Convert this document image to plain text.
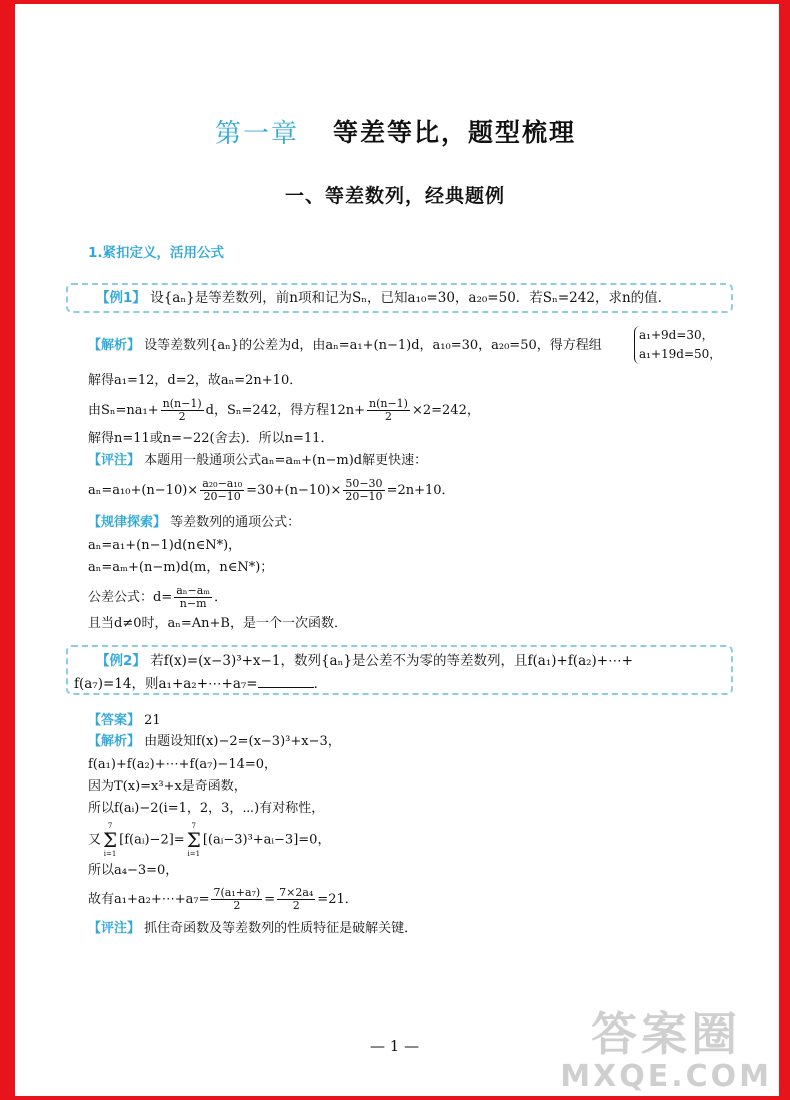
第一章 等差等比，题型梳理
一、等差数列，经典题例
1.紧扣定义，活用公式
【例1】 设{aₙ}是等差数列，前n项和记为Sₙ，已知a₁₀=30，a₂₀=50．若Sₙ=242，求n的值．
【解析】 设等差数列{aₙ}的公差为d，由aₙ=a₁+(n−1)d，a₁₀=30，a₂₀=50，得方程组
a₁+9d=30，
a₁+19d=50，
解得a₁=12，d=2，故aₙ=2n+10．
由$S_n=na_1+ \frac{n(n-1)}{2}$ d，Sₙ=242，得方程$12n+ \frac{n(n-1)}{2} \times 2=242$，
解得n=11或n=−22(舍去)．所以n=11．
【评注】 本题用一般通项公式aₙ=aₘ+(n−m)d解更快速：
$a_n=a_{10}+(n-10)\times \frac{\text{a₂₀−a₁₀}}{20-10} =30+(n-10)\times \frac{50-30}{20-10} =2n+10$．
【规律探索】 等差数列的通项公式：
aₙ=a₁+(n−1)d(n∈N*)，
aₙ=aₘ+(n−m)d(m，n∈N*)；
公差公式：$d= \frac{\text{aₙ−aₘ}}{n-m}$ ．
且当d≠0时，aₙ=An+B，是一个一次函数．
【例2】 若f(x)=(x−3)³+x−1，数列{aₙ}是公差不为零的等差数列，且f(a₁)+f(a₂)+⋯+
f(a₇)=14，则a₁+a₂+⋯+a₇=	．
【答案】 21
【解析】 由题设知f(x)−2=(x−3)³+x−3，
f(a₁)+f(a₂)+⋯+f(a₇)−14=0，
因为T(x)=x³+x是奇函数，
所以f(aᵢ)−2(i=1，2，3，⋯)有对称性，
又
7
Σ
i=1
[f(aᵢ)−2]=
7
Σ
i=1
[(aᵢ−3)³+aᵢ−3]=0，
所以a₄−3=0，
故有a₁+a₂+⋯+a₇= $\frac{\text{7(a₁+a₇)}}{2} = \frac{\text{7×2a₄}}{2} =21$．
【评注】 抓住奇函数及等差数列的性质特征是破解关键．
— 1 —	答案圈
MXQE.COM
